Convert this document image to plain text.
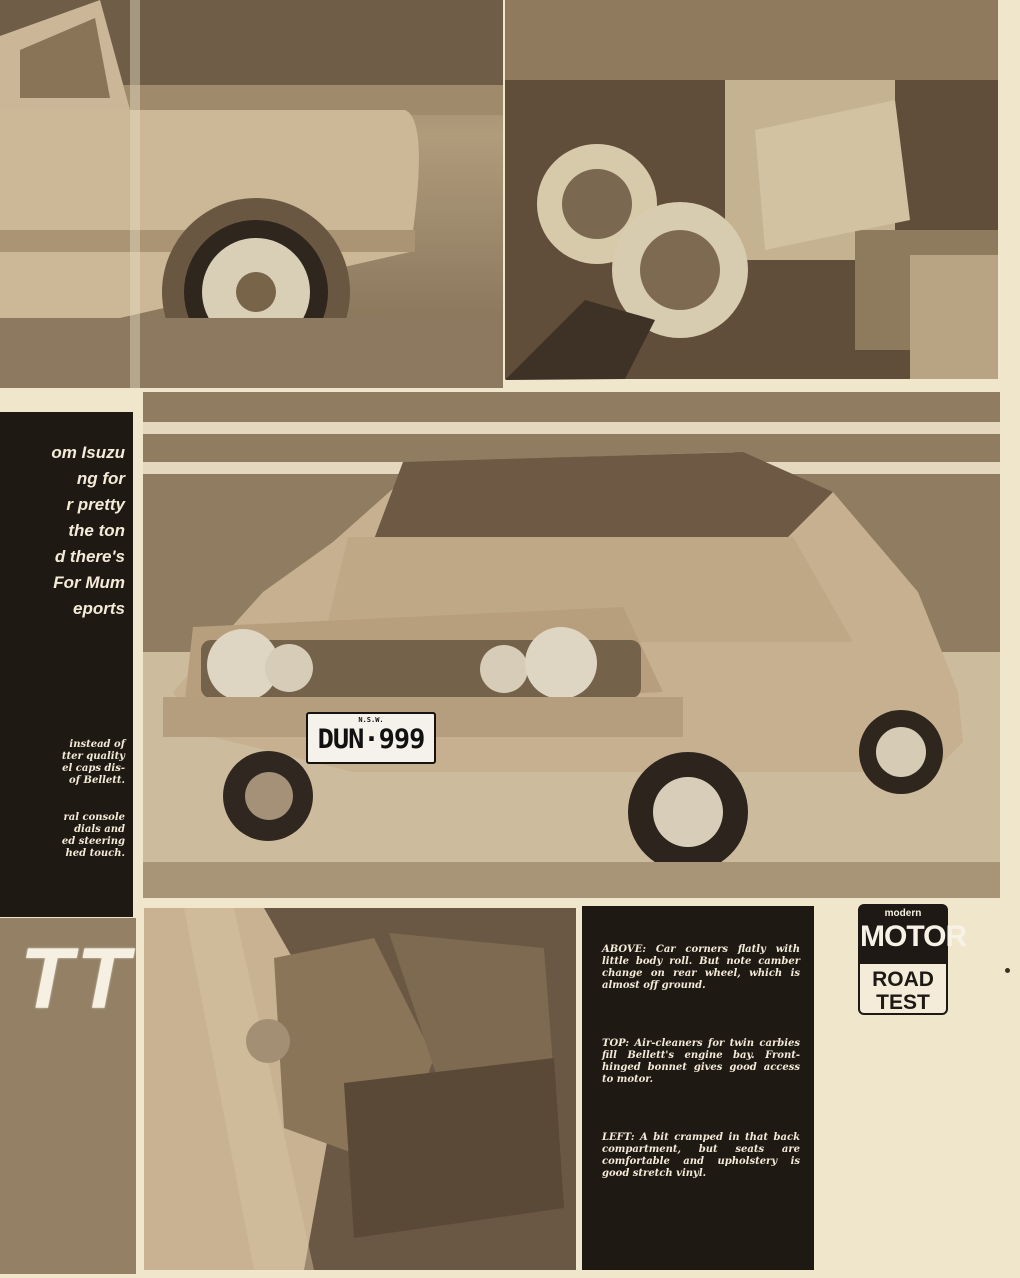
om Isuzu
ng for
r pretty
the ton
d there's
For Mum
eports
instead of
tter quality
el caps dis-
of Bellett.
ral console
dials and
ed steering
hed touch.
N.S.W.
DUN·999
TT	ABOVE: Car corners flatly with little body roll. But note camber change on rear wheel, which is almost off ground.
TOP: Air-cleaners for twin carbies fill Bellett's engine bay. Front-hinged bonnet gives good access to motor.
LEFT: A bit cramped in that back compartment, but seats are comfortable and upholstery is good stretch vinyl.
modern
MOTOR
ROAD
TEST
